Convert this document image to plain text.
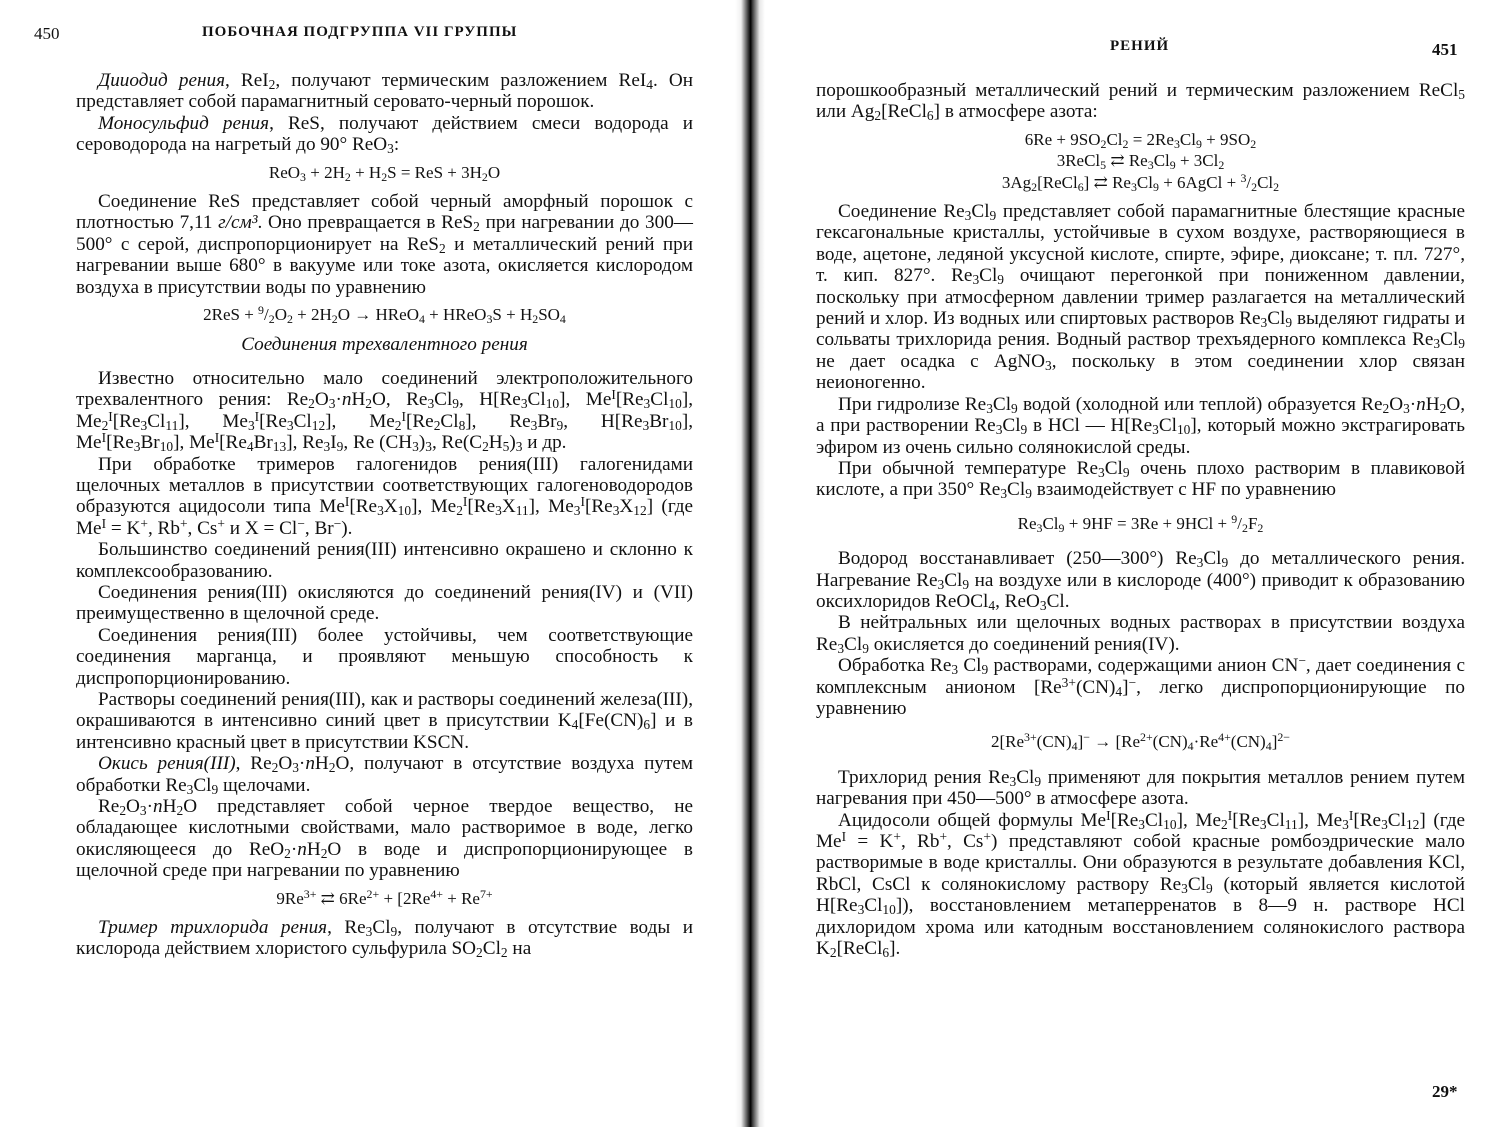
450	ПОБОЧНАЯ ПОДГРУППА VII ГРУППЫ

Дииодид рения, ReI$_2$, получают термическим разложением ReI$_4$. Он представляет собой парамагнитный серовато-черный порошок.

Моносульфид рения, ReS, получают действием смеси водорода и сероводорода на нагретый до 90° ReO$_3$:

$ReO_3 + 2H_2 + H_2S$ = ReS + $3H_2O$

Соединение ReS представляет собой черный аморфный порошок с плотностью 7,11 г/см³. Оно превращается в ReS$_2$ при нагревании до 300—500° с серой, диспропорционирует на ReS$_2$ и металлический рений при нагревании выше 680° в вакууме или токе азота, окисляется кислородом воздуха в присутствии воды по уравнению

$2ReS + ^9/_2O_2 + 2H_2O$ → HReO$_4$ + HReO$_3$S + $H_2SO_4$
Соединения трехвалентного рения

Известно относительно мало соединений электроположительного трехвалентного рения: $Re_2O_3\cdot nH_2O$, $Re_3Cl_9$, $H[Re_3Cl_{10}]$, $Me^I[Re_3Cl_{10}]$, $Me_2^I[Re_3Cl_{11}]$, $Me_3^I[Re_3Cl_{12}]$, $Me_2^I[Re_2Cl_8]$, $Re_3Br_9$, $H[Re_3Br_{10}]$, $Me^I[Re_3Br_{10}]$, $Me^I[Re_4Br_{13}]$, $Re_3I_9$, Re $(CH_3)_3$, $Re(C_2H_5)_3$ и др.

При обработке тримеров галогенидов рения(III) галогенидами щелочных металлов в присутствии соответствующих галогеноводородов образуются ацидосоли типа $Me^I[Re_3X_{10}]$, $Me_2^I[Re_3X_{11}]$, $Me_3^I[Re_3X_{12}]$ (где $Me^I = K^+$, Rb+, Cs+ и X = Cl−, Br−).

Большинство соединений рения(III) интенсивно окрашено и склонно к комплексообразованию.

Соединения рения(III) окисляются до соединений рения(IV) и (VII) преимущественно в щелочной среде.

Соединения рения(III) более устойчивы, чем соответствующие соединения марганца, и проявляют меньшую способность к диспропорционированию.

Растворы соединений рения(III), как и растворы соединений железа(III), окрашиваются в интенсивно синий цвет в присутствии $K_4[Fe(CN)_6]$ и в интенсивно красный цвет в присутствии KSCN.

Окись рения(III), $Re_2O_3\cdot nH_2O$, получают в отсутствие воздуха путем обработки $Re_3Cl_9$ щелочами.

$Re_2O_3\cdot nH_2O$ представляет собой черное твердое вещество, не обладающее кислотными свойствами, мало растворимое в воде, легко окисляющееся до $ReO_2\cdot nH_2O$ в воде и диспропорционирующее в щелочной среде при нагревании по уравнению

$9Re^{3+}$ ⇄ $6Re^{2+} + [2Re^{4+} + Re^{7+}$

Тример трихлорида рения, $Re_3Cl_9$, получают в отсутствие воды и кислорода действием хлористого сульфурила $SO_2Cl_2$ на

РЕНИЙ	451

порошкообразный металлический рений и термическим разложением ReCl$_5$ или $Ag_2[ReCl_6]$ в атмосфере азота:

$6Re + 9SO_2Cl_2 = 2Re_3Cl_9 + 9SO_2$
3ReCl$_5$ ⇄ $Re_3Cl_9 + 3Cl_2$
$3Ag_2[ReCl_6]$ ⇄ $Re_3Cl_9$ + 6AgCl + $^3/_2Cl_2$

Соединение $Re_3Cl_9$ представляет собой парамагнитные блестящие красные гексагональные кристаллы, устойчивые в сухом воздухе, растворяющиеся в воде, ацетоне, ледяной уксусной кислоте, спирте, эфире, диоксане; т. пл. 727°, т. кип. 827°. $Re_3Cl_9$ очищают перегонкой при пониженном давлении, поскольку при атмосферном давлении тример разлагается на металлический рений и хлор. Из водных или спиртовых растворов $Re_3Cl_9$ выделяют гидраты и сольваты трихлорида рения. Водный раствор трехъядерного комплекса $Re_3Cl_9$ не дает осадка с AgNO$_3$, поскольку в этом соединении хлор связан неионогенно.

При гидролизе $Re_3Cl_9$ водой (холодной или теплой) образуется $Re_2O_3\cdot nH_2O$, а при растворении $Re_3Cl_9$ в HCl — $H[Re_3Cl_{10}]$, который можно экстрагировать эфиром из очень сильно солянокислой среды.

При обычной температуре $Re_3Cl_9$ очень плохо растворим в плавиковой кислоте, а при 350° $Re_3Cl_9$ взаимодействует с HF по уравнению

$Re_3Cl_9 + 9HF = 3Re + 9HCl + ^9/_2F_2$

Водород восстанавливает (250—300°) $Re_3Cl_9$ до металлического рения. Нагревание $Re_3Cl_9$ на воздухе или в кислороде (400°) приводит к образованию оксихлоридов ReOCl$_4$, ReO$_3$Cl.

В нейтральных или щелочных водных растворах в присутствии воздуха $Re_3Cl_9$ окисляется до соединений рения(IV).

Обработка $Re_3$ $Cl_9$ растворами, содержащими анион CN−, дает соединения с комплексным анионом $[Re^{3+}(CN)_4]^-$, легко диспропорционирующие по уравнению

$2[Re^{3+}(CN)_4]^- \to [Re^{2+}(CN)_4\cdot Re^{4+}(CN)_4]^{2-}$

Трихлорид рения $Re_3Cl_9$ применяют для покрытия металлов рением путем нагревания при 450—500° в атмосфере азота.

Ацидосоли общей формулы $Me^I[Re_3Cl_{10}]$, $Me_2^I[Re_3Cl_{11}]$, $Me_3^I[Re_3Cl_{12}]$ (где $Me^I = K^+$, Rb+, Cs+) представляют собой красные ромбоэдрические мало растворимые в воде кристаллы. Они образуются в результате добавления KCl, RbCl, CsCl к солянокислому раствору $Re_3Cl_9$ (который является кислотой $H[Re_3Cl_{10}]$), восстановлением метаперренатов в 8—9 н. растворе HCl дихлоридом хрома или катодным восстановлением солянокислого раствора $K_2[ReCl_6]$.

29*
